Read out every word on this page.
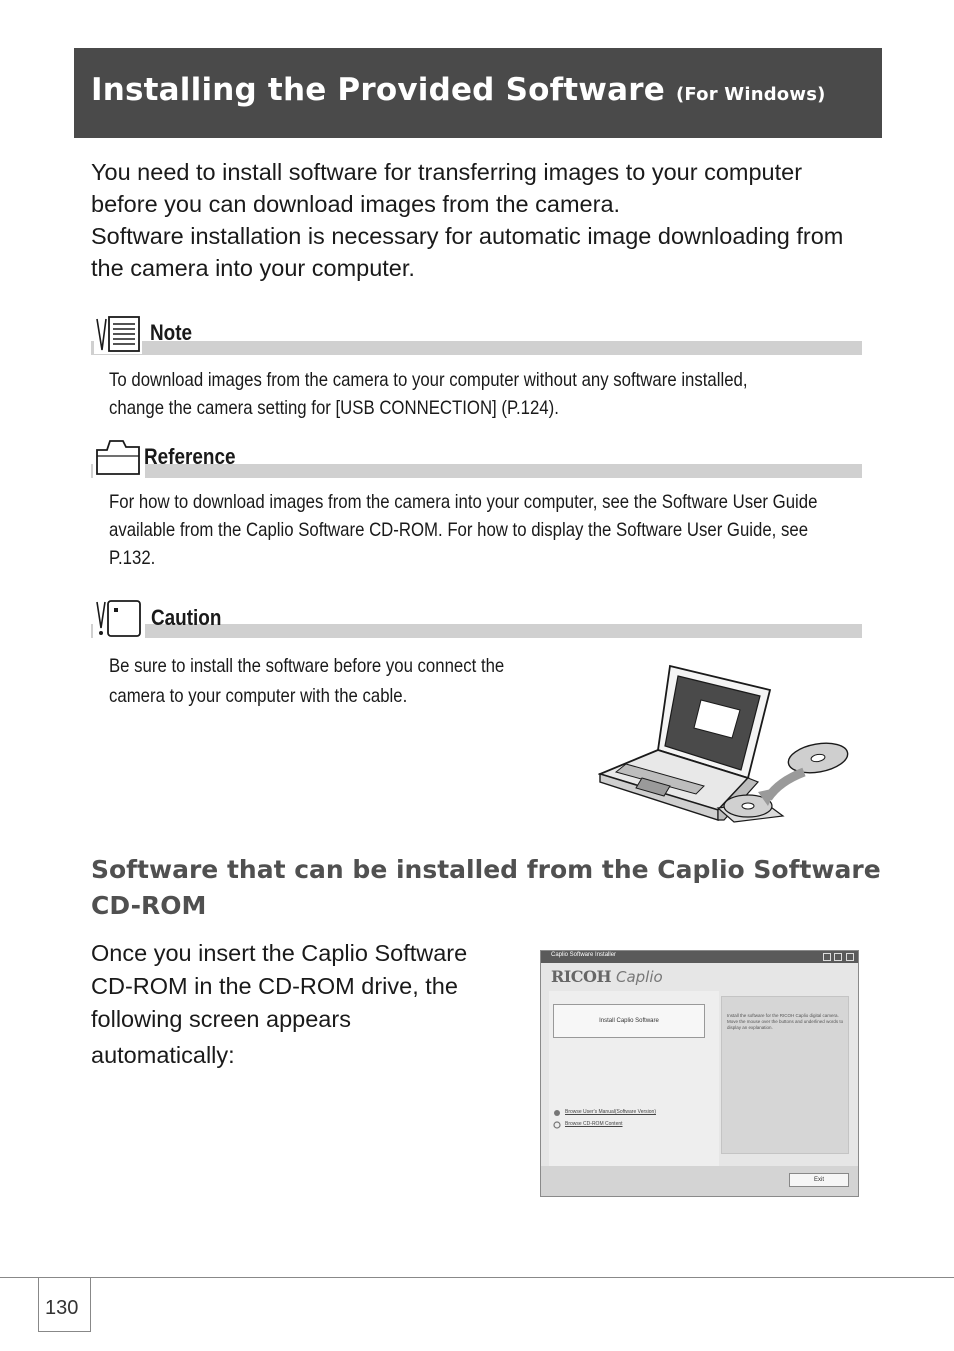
Installing the Provided Software (For Windows)

You need to install software for transferring images to your computer before you can download images from the camera.

Software installation is necessary for automatic image downloading from the camera into your computer.

Note
To download images from the camera to your computer without any software installed, change the camera setting for [USB CONNECTION] (P.124).
Reference
For how to download images from the camera into your computer, see the Software User Guide available from the Caplio Software CD-ROM. For how to display the Software User Guide, see P.132.
Caution

Be sure to install the software before you connect the

camera to your computer with the cable.

Software that can be installed from the Caplio Software CD-ROM

Once you insert the Caplio Software

CD-ROM in the CD-ROM drive, the

following screen appears

automatically:

Caplio Software Installer
RICOH Caplio
Install Caplio Software
Install the software for the RICOH Caplio digital camera. Move the mouse over the buttons and underlined words to display an explanation.
Browse User's Manual(Software Version)
Browse CD-ROM Content
Exit
130
